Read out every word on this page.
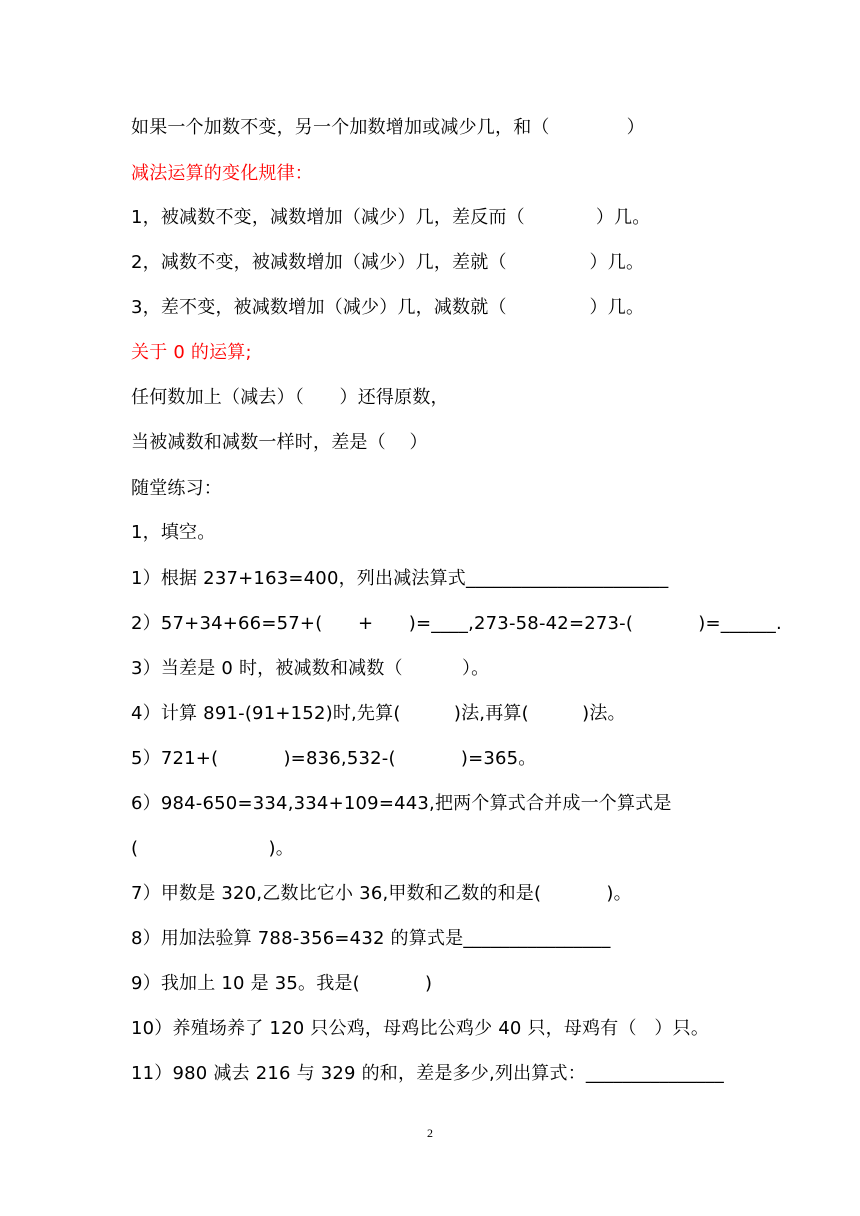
如果一个加数不变，另一个加数增加或减少几，和（             ）
减法运算的变化规律：
1，被减数不变，减数增加（减少）几，差反而（            ）几。
2，减数不变，被减数增加（减少）几，差就（              ）几。
3，差不变，被减数增加（减少）几，减数就（              ）几。
关于 0 的运算;
任何数加上（减去）（      ）还得原数，
当被减数和减数一样时，差是（    ）
随堂练习：
1，填空。
1）根据 237+163=400，列出减法算式______________________
2）57+34+66=57+(      +      )=____,273-58-42=273-(           )=______.
3）当差是 0 时，被减数和减数（          ）。
4）计算 891-(91+152)时,先算(         )法,再算(         )法。
5）721+(           )=836,532-(           )=365。
6）984-650=334,334+109=443,把两个算式合并成一个算式是
(                      )。
7）甲数是 320,乙数比它小 36,甲数和乙数的和是(           )。
8）用加法验算 788-356=432 的算式是________________
9）我加上 10 是 35。我是(           )
10）养殖场养了 120 只公鸡，母鸡比公鸡少 40 只，母鸡有（   ）只。
11）980 减去 216 与 329 的和，差是多少,列出算式：_______________
2
